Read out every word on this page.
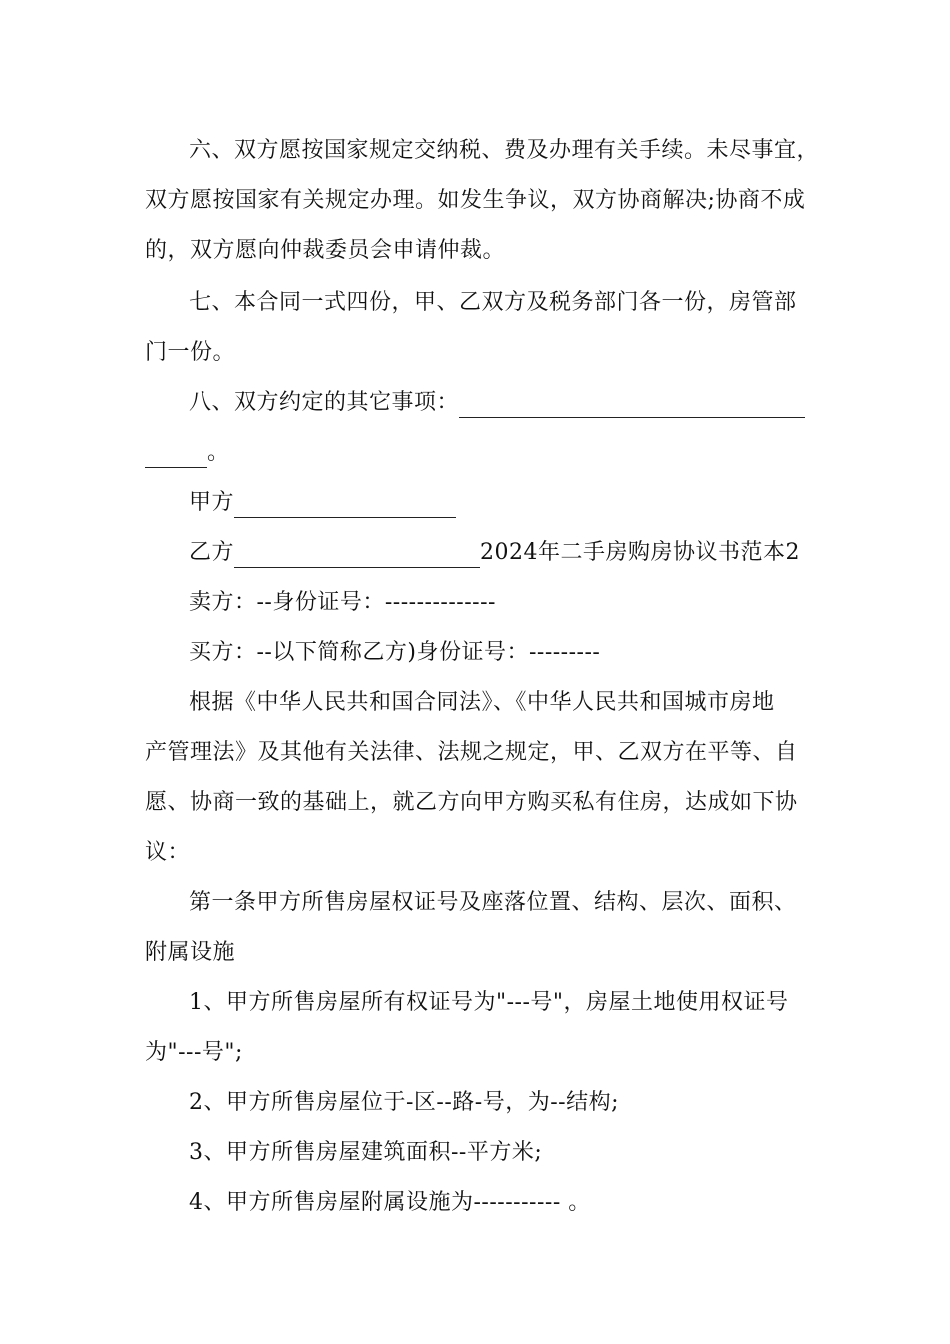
六、双方愿按国家规定交纳税、费及办理有关手续。未尽事宜，
双方愿按国家有关规定办理。如发生争议，双方协商解决;协商不成
的，双方愿向仲裁委员会申请仲裁。
七、本合同一式四份，甲、乙双方及税务部门各一份，房管部
门一份。
八、双方约定的其它事项：
。
甲方
乙方	2024年二手房购房协议书范本2
卖方：--身份证号：--------------
买方：--以下简称乙方)身份证号：---------
根据《中华人民共和国合同法》、《中华人民共和国城市房地
产管理法》及其他有关法律、法规之规定，甲、乙双方在平等、自
愿、协商一致的基础上，就乙方向甲方购买私有住房，达成如下协
议：
第一条甲方所售房屋权证号及座落位置、结构、层次、面积、
附属设施
1、甲方所售房屋所有权证号为"---号"，房屋土地使用权证号
为"---号";
2、甲方所售房屋位于-区--路-号，为--结构;
3、甲方所售房屋建筑面积--平方米;
4、甲方所售房屋附属设施为----------- 。
